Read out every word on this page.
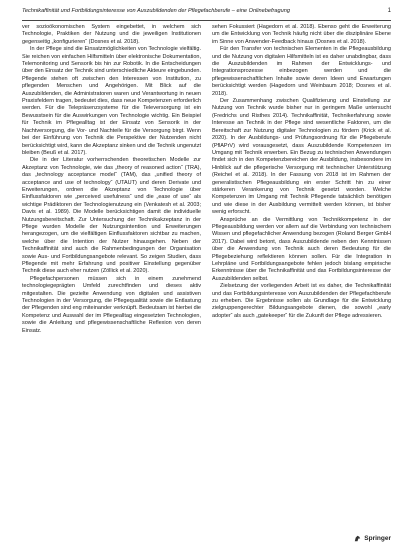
Technikaffinität und Fortbildungsinteresse von Auszubildenden der Pflegefachberufe – eine Onlinebefragung	1

ver sozioökonomischen System eingebettet, in welchem sich Technologie, Praktiken der Nutzung und die jeweiligen Institutionen gegenseitig „konfigurieren“ (Dosnes et al. 2018).

In der Pflege sind die Einsatzmöglichkeiten von Technologie vielfältig. Sie reichen von einfachen Hilfsmitteln über elektronische Dokumentation, Telemonitoring und Sensorik bis hin zur Robotik. In die Entscheidungen über den Einsatz der Technik sind unterschiedliche Akteure eingebunden. Pflegende stehen oft zwischen den Interessen von Institution, zu pflegenden Menschen und Angehörigen. Mit Blick auf die Auszubildenden, die Administratoren waren und Verantwortung in neuen Praxisfeldern tragen, bedeutet dies, dass neue Kompetenzen erforderlich werden. Für die Telepräsenzsysteme für die Televersorgung ist ein Bewusstsein für die Auswirkungen von Technologie wichtig. Ein Beispiel für Technik im Pflegealltag ist der Einsatz von Sensorik in der Nachtversorgung, die Vor- und Nachteile für die Versorgung birgt. Wenn bei der Einführung von Technik die Perspektive der Nutzenden nicht berücksichtigt wird, kann die Akzeptanz sinken und die Technik ungenutzt bleiben (Beuß et al. 2017).

Die in der Literatur vorherrschenden theoretischen Modelle zur Akzeptanz von Technologie, wie das „theory of reasoned action“ (TRA), das „technology acceptance model“ (TAM), das „unified theory of acceptance and use of technology“ (UTAUT) und deren Derivate und Erweiterungen, ordnen die Akzeptanz von Technologie über Einflussfaktoren wie „perceived usefulness“ und die „ease of use“ als wichtige Prädiktoren der Technologienutzung ein (Venkatesh et al. 2003; Davis et al. 1989). Die Modelle berücksichtigen damit die individuelle Nutzungsbereitschaft. Zur Untersuchung der Technikakzeptanz in der Pflege wurden Modelle der Nutzungsintention und Erweiterungen herangezogen, um die vielfältigen Einflussfaktoren sichtbar zu machen, welche über die Intention der Nutzer hinausgehen. Neben der Technikaffinität sind auch die Rahmenbedingungen der Organisation sowie Aus- und Fortbildungsangebote relevant. So zeigen Studien, dass Pflegende mit mehr Erfahrung und positiver Einstellung gegenüber Technik diese auch eher nutzen (Zöllick et al. 2020).

Pflegefachpersonen müssen sich in einem zunehmend technologiegeprägten Umfeld zurechtfinden und dieses aktiv mitgestalten. Die gezielte Anwendung von digitalen und assistiven Technologien in der Versorgung, die Pflegequalität sowie die Entlastung der Pflegenden sind eng miteinander verknüpft. Bedeutsam ist hierbei die Kompetenz und Auswahl der im Pflegealltag eingesetzten Technologien, sowie die Anleitung und pflegewissenschaftliche Reflexion von deren Einsatz.

sehen Fokussiert (Hagedorn et al. 2018). Ebenso geht die Erweiterung um die Entwicklung von Technik häufig nicht über die disziplinäre Ebene im Sinne von Anwender-Feedback hinaus (Dosnes et al. 2018).

Für den Transfer von technischen Elementen in die Pflegeausbildung und die Nutzung von digitalen Hilfsmitteln ist es daher unabdingbar, dass die Auszubildenden im Rahmen der Entwicklungs- und Integrationsprozesse einbezogen werden und die pflegewissenschaftlichen Inhalte sowie deren Ideen und Erwartungen berücksichtigt werden (Hagedorn und Weinbaum 2018; Dosnes et al. 2018).

Der Zusammenhang zwischen Qualifizierung und Einstellung zur Nutzung von Technik wurde bisher nur in geringem Maße untersucht (Fredrichs und Risthes 2014). Technikaffinität, Technikerfahrung sowie Interesse an Technik in der Pflege sind wesentliche Faktoren, um die Bereitschaft zur Nutzung digitaler Technologien zu fördern (Krick et al. 2020). In der Ausbildungs- und Prüfungsordnung für die Pflegeberufe (PflAPrV) wird vorausgesetzt, dass Auszubildende Kompetenzen im Umgang mit Technik erwerben. Ein Bezug zu technischen Anwendungen findet sich in den Kompetenzbereichen der Ausbildung, insbesondere im Hinblick auf die pflegerische Versorgung mit technischer Unterstützung (Reichel et al. 2018). In der Fassung von 2018 ist im Rahmen der generalistischen Pflegeausbildung ein erster Schritt hin zu einer stärkeren Verankerung von Technik gesetzt worden. Welche Kompetenzen im Umgang mit Technik Pflegende tatsächlich benötigen und wie diese in der Ausbildung vermittelt werden können, ist bisher wenig erforscht.

Ansprüche an die Vermittlung von Technikkompetenz in der Pflegeausbildung werden vor allem auf die Verbindung von technischem Wissen und pflegefachlicher Anwendung bezogen (Roland Berger GmbH 2017). Dabei wird betont, dass Auszubildende neben den Kenntnissen über die Anwendung von Technik auch deren Bedeutung für die Pflegebeziehung reflektieren können sollen. Für die Integration in Lehrpläne und Fortbildungsangebote fehlen jedoch bislang empirische Erkenntnisse über die Technikaffinität und das Fortbildungsinteresse der Auszubildenden selbst.

Zielsetzung der vorliegenden Arbeit ist es daher, die Technikaffinität und das Fortbildungsinteresse von Auszubildenden der Pflegefachberufe zu erheben. Die Ergebnisse sollen als Grundlage für die Entwicklung zielgruppengerechter Bildungsangebote dienen, die sowohl „early adopter“ als auch „gatekeeper“ für die Zukunft der Pflege adressieren.

Springer
